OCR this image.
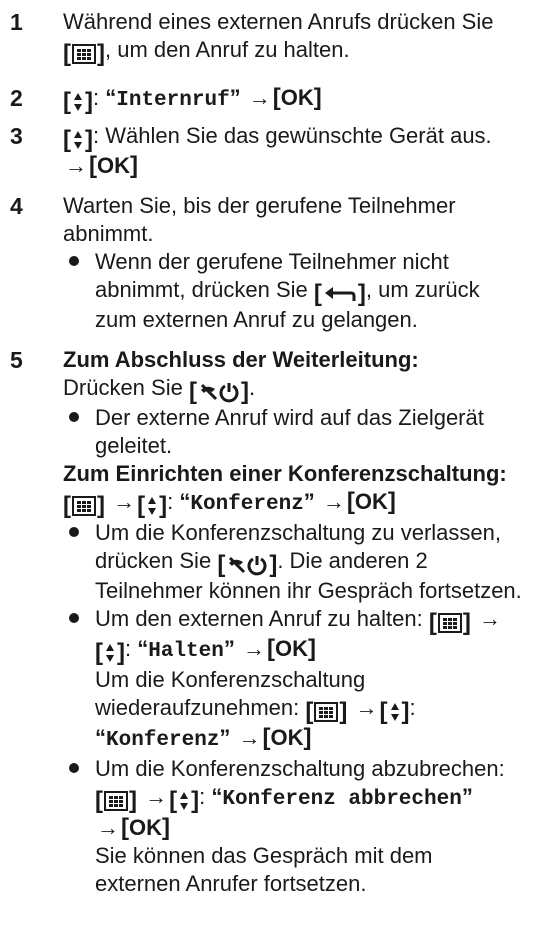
1	Während eines externen Anrufs drücken Sie
[ ] , um den Anruf zu halten.
2	[ ] : “Internruf” →[OK]
3	[ ] : Wählen Sie das gewünschte Gerät aus.
→[OK]
4	Warten Sie, bis der gerufene Teilnehmer
abnimmt.
Wenn der gerufene Teilnehmer nicht
abnimmt, drücken Sie [ ] , um zurück
zum externen Anruf zu gelangen.
5	Zum Abschluss der Weiterleitung:
Drücken Sie [ ] .
Der externe Anruf wird auf das Zielgerät
geleitet.
Zum Einrichten einer Konferenzschaltung:
[ ] → [ ] : “Konferenz” →[OK]
Um die Konferenzschaltung zu verlassen,
drücken Sie [ ] . Die anderen 2
Teilnehmer können ihr Gespräch fortsetzen.
Um den externen Anruf zu halten: [ ] →
[ ] : “Halten” →[OK]
Um die Konferenzschaltung
wiederaufzunehmen: [ ] → [ ] :
“Konferenz” →[OK]
Um die Konferenzschaltung abzubrechen:
[ ] → [ ] : “Konferenz abbrechen”
→[OK]
Sie können das Gespräch mit dem
externen Anrufer fortsetzen.
